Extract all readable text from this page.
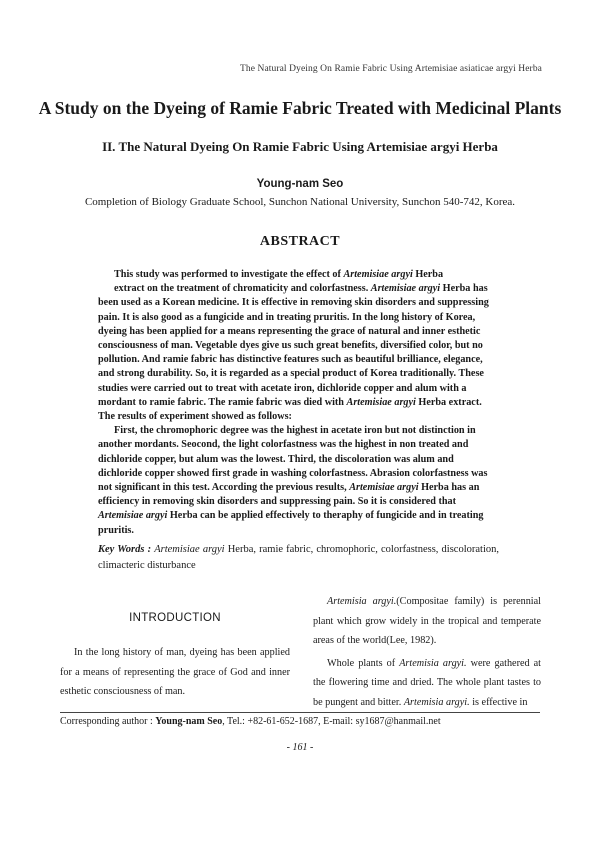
The Natural Dyeing On Ramie Fabric Using Artemisiae asiaticae argyi Herba
A Study on the Dyeing of Ramie Fabric Treated with Medicinal Plants
II. The Natural Dyeing On Ramie Fabric Using Artemisiae argyi Herba
Young-nam Seo
Completion of Biology Graduate School, Sunchon National University, Sunchon 540-742, Korea.
ABSTRACT

This study was performed to investigate the effect of Artemisiae argyi Herba

extract on the treatment of chromaticity and colorfastness. Artemisiae argyi Herba has been used as a Korean medicine. It is effective in removing skin disorders and suppressing pain. It is also good as a fungicide and in treating pruritis. In the long history of Korea, dyeing has been applied for a means representing the grace of natural and inner esthetic consciousness of man. Vegetable dyes give us such great benefits, diversified color, but no pollution. And ramie fabric has distinctive features such as beautiful brilliance, elegance, and strong durability. So, it is regarded as a special product of Korea traditionally. These studies were carried out to treat with acetate iron, dichloride copper and alum with a mordant to ramie fabric. The ramie fabric was died with Artemisiae argyi Herba extract.

The results of experiment showed as follows:

First, the chromophoric degree was the highest in acetate iron but not distinction in another mordants. Seocond, the light colorfastness was the highest in non treated and dichloride copper, but alum was the lowest. Third, the discoloration was alum and dichloride copper showed first grade in washing colorfastness. Abrasion colorfastness was not significant in this test. According the previous results, Artemisiae argyi Herba has an efficiency in removing skin disorders and suppressing pain. So it is considered that Artemisiae argyi Herba can be applied effectively to theraphy of fungicide and in treating pruritis.

Key Words : Artemisiae argyi Herba, ramie fabric, chromophoric, colorfastness, discoloration, climacteric disturbance
INTRODUCTION

In the long history of man, dyeing has been applied for a means of representing the grace of God and inner esthetic consciousness of man.

Artemisia argyi.(Compositae family) is perennial plant which grow widely in the tropical and temperate areas of the world(Lee, 1982).

Whole plants of Artemisia argyi. were gathered at the flowering time and dried. The whole plant tastes to be pungent and bitter. Artemisia argyi. is effective in

Corresponding author : Young-nam Seo, Tel.: +82-61-652-1687, E-mail: sy1687@hanmail.net
- 161 -
